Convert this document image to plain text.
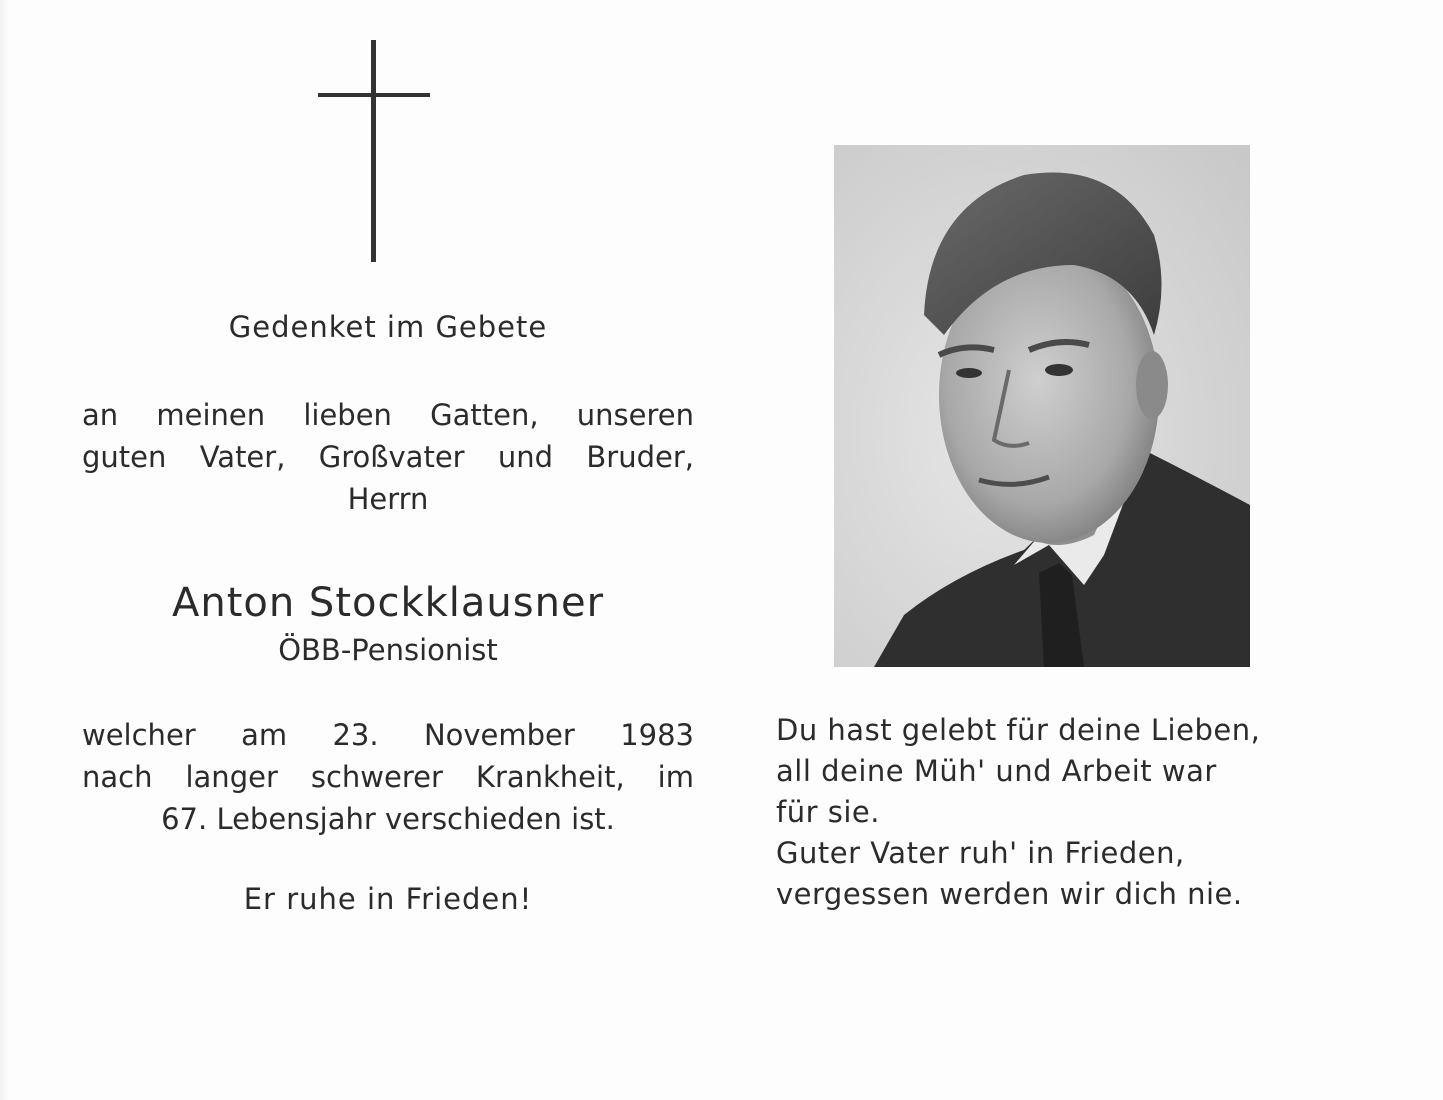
Gedenket im Gebete
an meinen lieben Gatten, unseren
guten Vater, Großvater und Bruder,
Herrn
Anton Stockklausner
ÖBB-Pensionist
welcher am 23. November 1983
nach langer schwerer Krankheit, im
67. Lebensjahr verschieden ist.
Er ruhe in Frieden!
Du hast gelebt für deine Lieben,
all deine Müh' und Arbeit war
für sie.
Guter Vater ruh' in Frieden,
vergessen werden wir dich nie.
